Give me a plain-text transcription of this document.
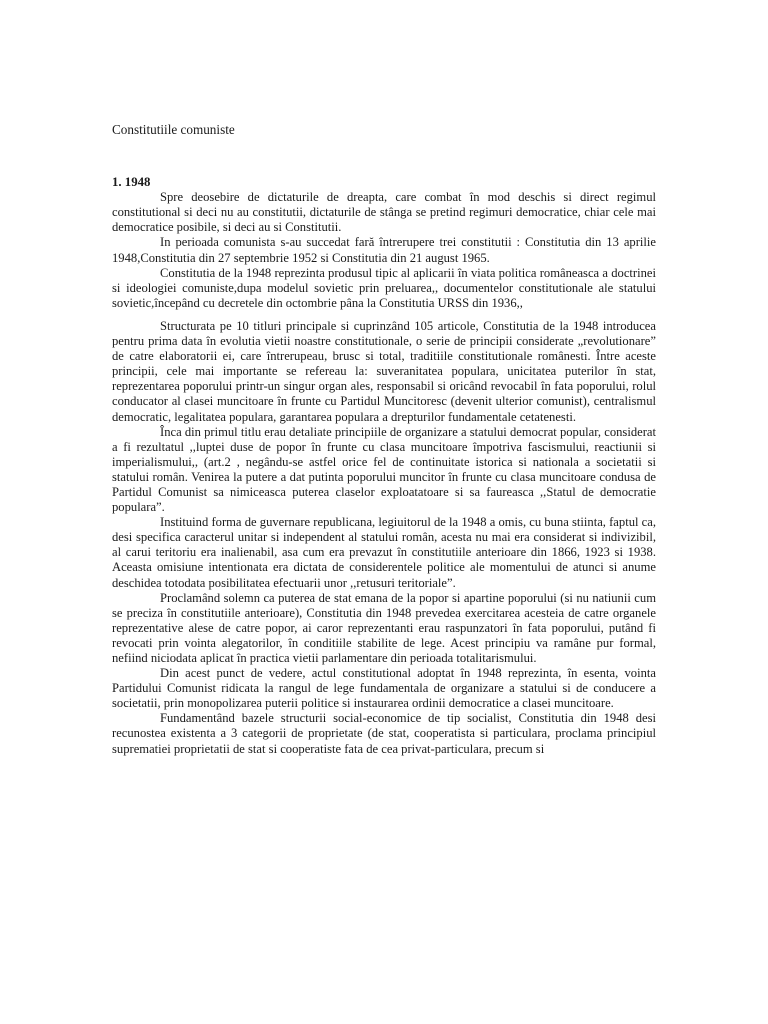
Constitutiile comuniste
1. 1948

Spre deosebire de dictaturile de dreapta, care combat în mod deschis si direct regimul constitutional si deci nu au constitutii, dictaturile de stânga se pretind regimuri democratice, chiar cele mai democratice posibile, si deci au si Constitutii.

In perioada comunista s-au succedat fară întrerupere trei constitutii : Constitutia din 13 aprilie 1948,Constitutia din 27 septembrie 1952 si Constitutia din 21 august 1965.

Constitutia de la 1948 reprezinta produsul tipic al aplicarii în viata politica româneasca a doctrinei si ideologiei comuniste,dupa modelul sovietic prin preluarea,, documentelor constitutionale ale statului sovietic,începând cu decretele din octombrie pâna la Constitutia URSS din 1936,,

Structurata pe 10 titluri principale si cuprinzând 105 articole, Constitutia de la 1948 introducea pentru prima data în evolutia vietii noastre constitutionale, o serie de principii considerate „revolutionare” de catre elaboratorii ei, care întrerupeau, brusc si total, traditiile constitutionale românesti. Între aceste principii, cele mai importante se refereau la: suveranitatea populara, unicitatea puterilor în stat, reprezentarea poporului printr-un singur organ ales, responsabil si oricând revocabil în fata poporului, rolul conducator al clasei muncitoare în frunte cu Partidul Muncitoresc (devenit ulterior comunist), centralismul democratic, legalitatea populara, garantarea populara a drepturilor fundamentale cetatenesti.

Înca din primul titlu erau detaliate principiile de organizare a statului democrat popular, considerat a fi rezultatul ,,luptei duse de popor în frunte cu clasa muncitoare împotriva fascismului, reactiunii si imperialismului,, (art.2 , negându-se astfel orice fel de continuitate istorica si nationala a societatii si statului român. Venirea la putere a dat putinta poporului muncitor în frunte cu clasa muncitoare condusa de Partidul Comunist sa nimiceasca puterea claselor exploatatoare si sa faureasca ,,Statul de democratie populara”.

Instituind forma de guvernare republicana, legiuitorul de la 1948 a omis, cu buna stiinta, faptul ca, desi specifica caracterul unitar si independent al statului român, acesta nu mai era considerat si indivizibil, al carui teritoriu era inalienabil, asa cum era prevazut în constitutiile anterioare din 1866, 1923 si 1938. Aceasta omisiune intentionata era dictata de considerentele politice ale momentului de atunci si anume deschidea totodata posibilitatea efectuarii unor ,,retusuri teritoriale”.

Proclamând solemn ca puterea de stat emana de la popor si apartine poporului (si nu natiunii cum se preciza în constitutiile anterioare), Constitutia din 1948 prevedea exercitarea acesteia de catre organele reprezentative alese de catre popor, ai caror reprezentanti erau raspunzatori în fata poporului, putând fi revocati prin vointa alegatorilor, în conditiile stabilite de lege. Acest principiu va ramâne pur formal, nefiind niciodata aplicat în practica vietii parlamentare din perioada totalitarismului.

Din acest punct de vedere, actul constitutional adoptat în 1948 reprezinta, în esenta, vointa Partidului Comunist ridicata la rangul de lege fundamentala de organizare a statului si de conducere a societatii, prin monopolizarea puterii politice si instaurarea ordinii democratice a clasei muncitoare.

Fundamentând bazele structurii social-economice de tip socialist, Constitutia din 1948 desi recunostea existenta a 3 categorii de proprietate (de stat, cooperatista si particulara, proclama principiul suprematiei proprietatii de stat si cooperatiste fata de cea privat-particulara, precum si
